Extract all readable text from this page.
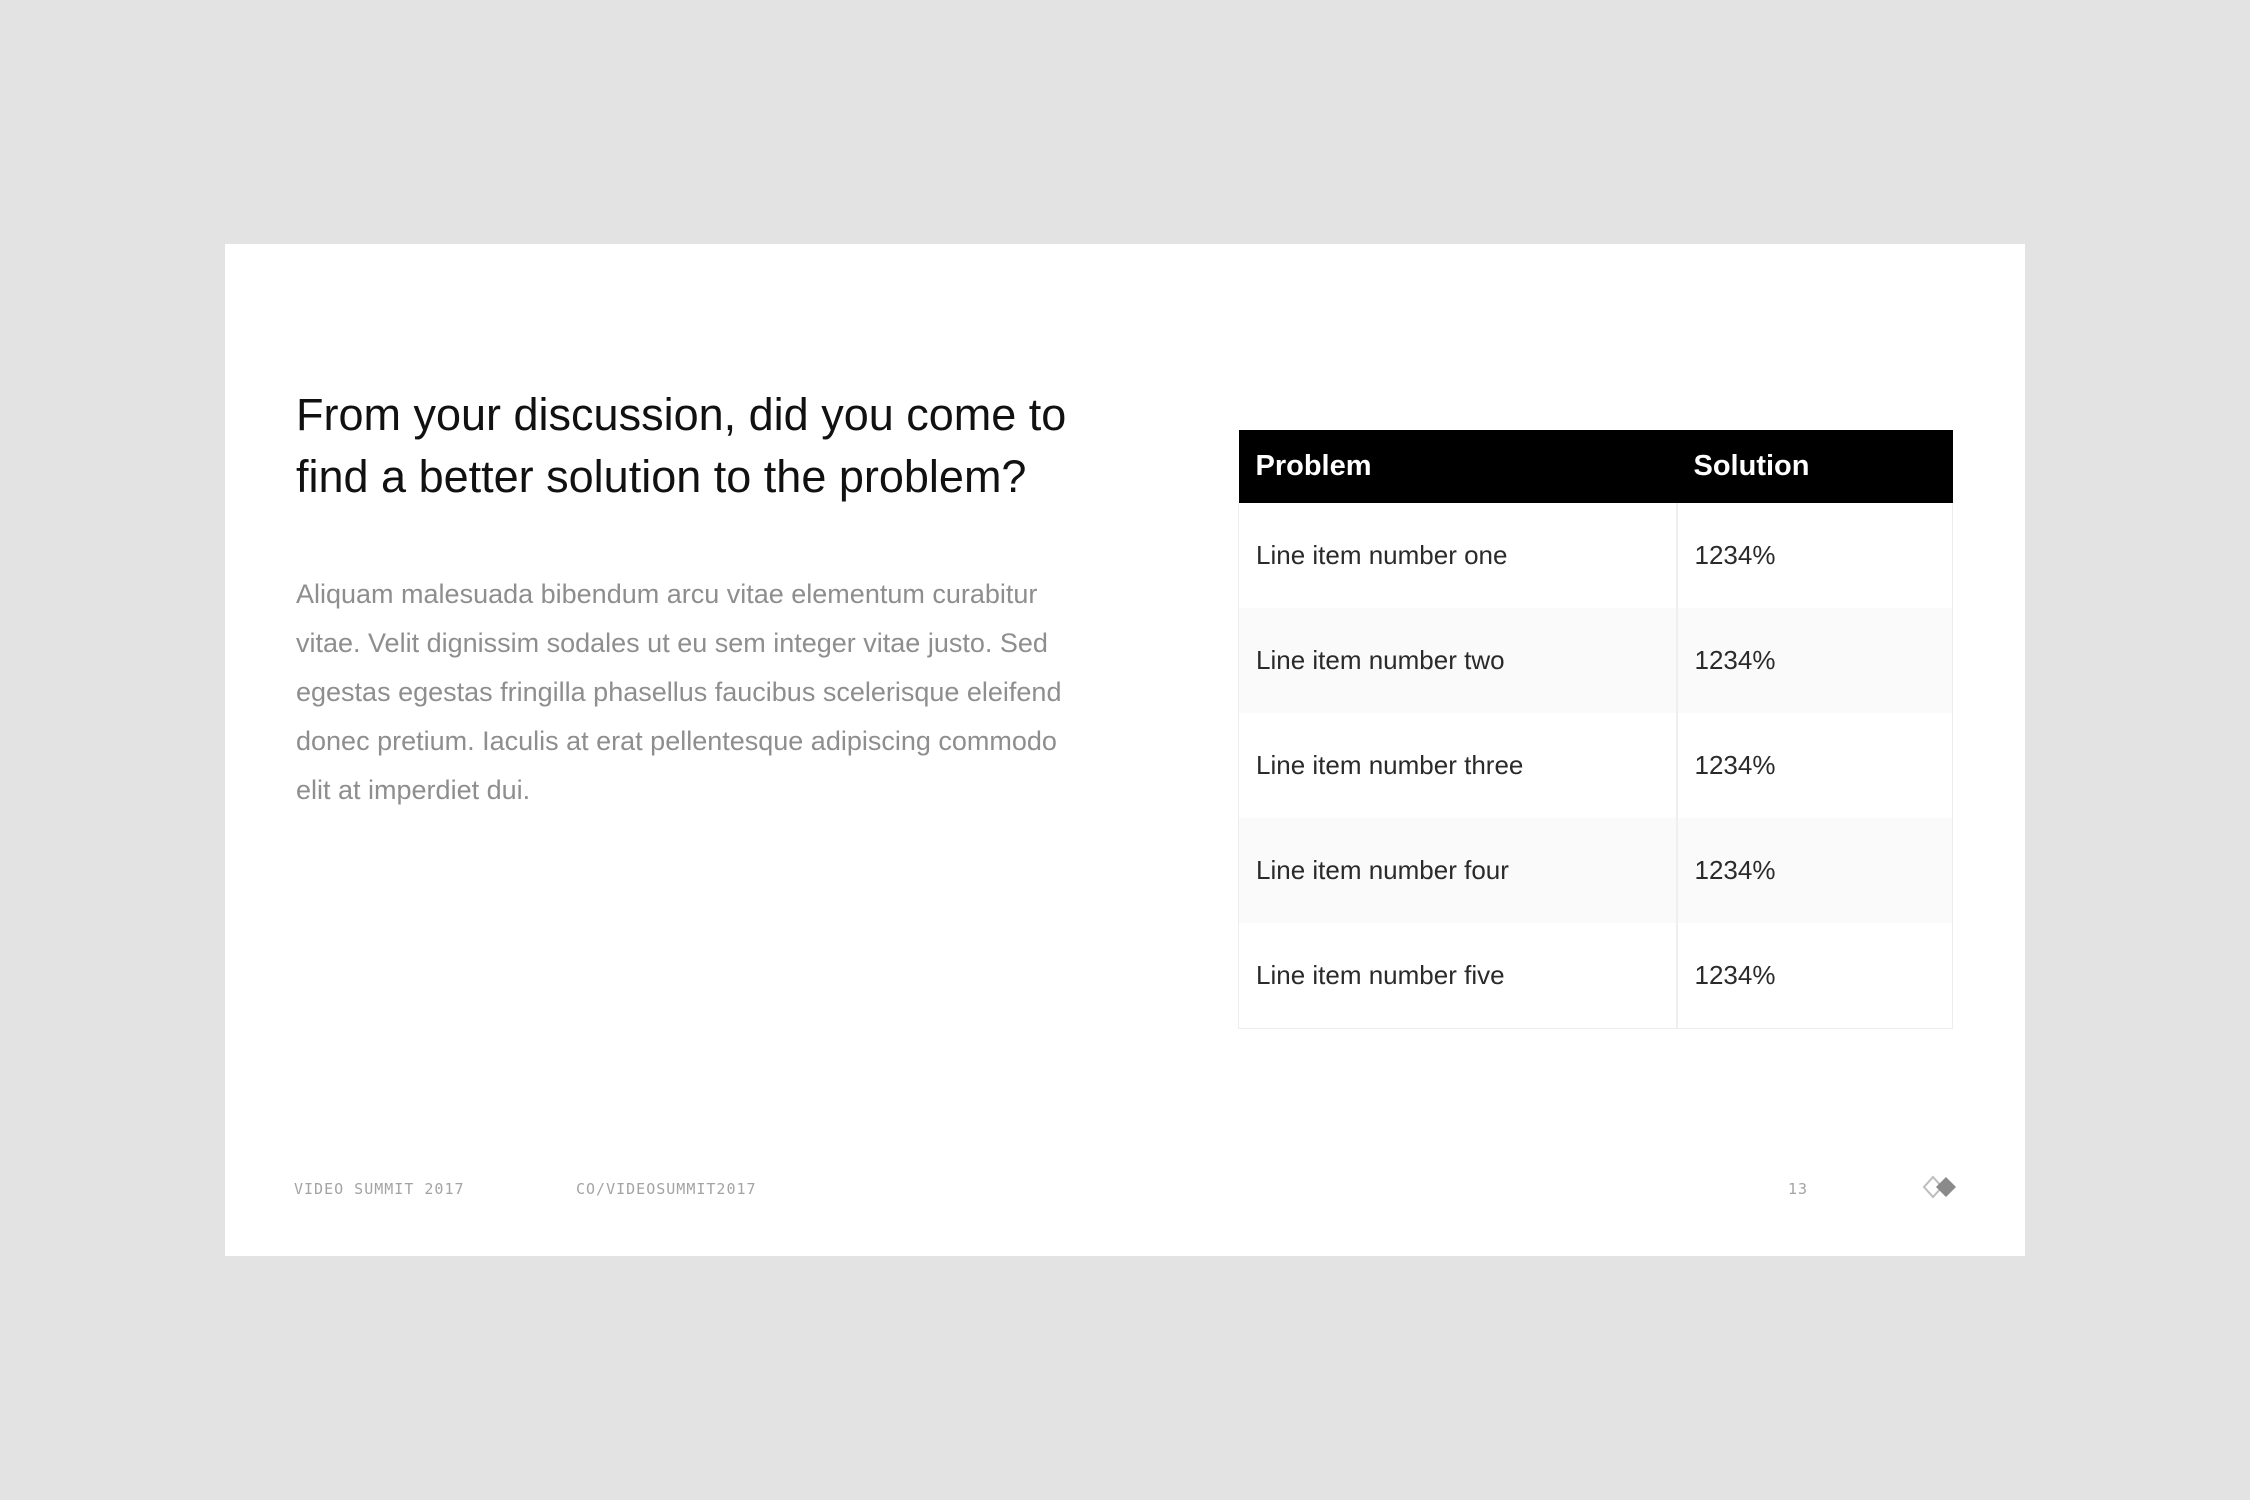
From your discussion, did you come to find a better solution to the problem?

Aliquam malesuada bibendum arcu vitae elementum curabitur vitae. Velit dignissim sodales ut eu sem integer vitae justo. Sed egestas egestas fringilla phasellus faucibus scelerisque eleifend donec pretium. Iaculis at erat pellentesque adipiscing commodo elit at imperdiet dui.

Problem	Solution
Line item number one	1234%
Line item number two	1234%
Line item number three	1234%
Line item number four	1234%
Line item number five	1234%
VIDEO SUMMIT 2017	CO/VIDEOSUMMIT2017	13
